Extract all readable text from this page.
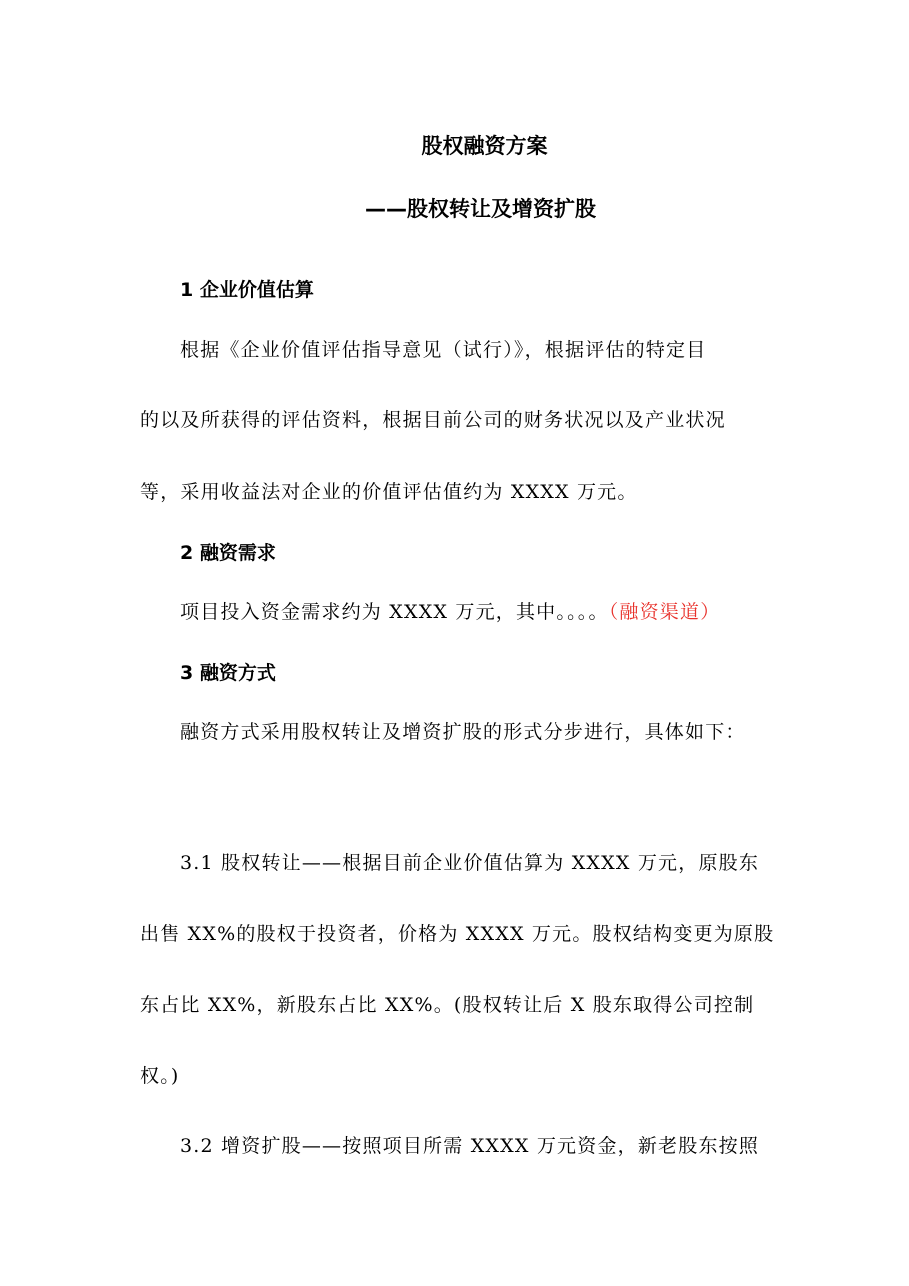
股权融资方案
——股权转让及增资扩股
1 企业价值估算
根据《企业价值评估指导意见（试行）》，根据评估的特定目
的以及所获得的评估资料，根据目前公司的财务状况以及产业状况
等，采用收益法对企业的价值评估值约为 XXXX 万元。
2 融资需求
项目投入资金需求约为 XXXX 万元，其中。。。。（融资渠道）
3 融资方式
融资方式采用股权转让及增资扩股的形式分步进行，具体如下：
3.1 股权转让——根据目前企业价值估算为 XXXX 万元，原股东
出售 XX%的股权于投资者，价格为 XXXX 万元。股权结构变更为原股
东占比 XX%，新股东占比 XX%。(股权转让后 X 股东取得公司控制
权。)
3.2 增资扩股——按照项目所需 XXXX 万元资金，新老股东按照
